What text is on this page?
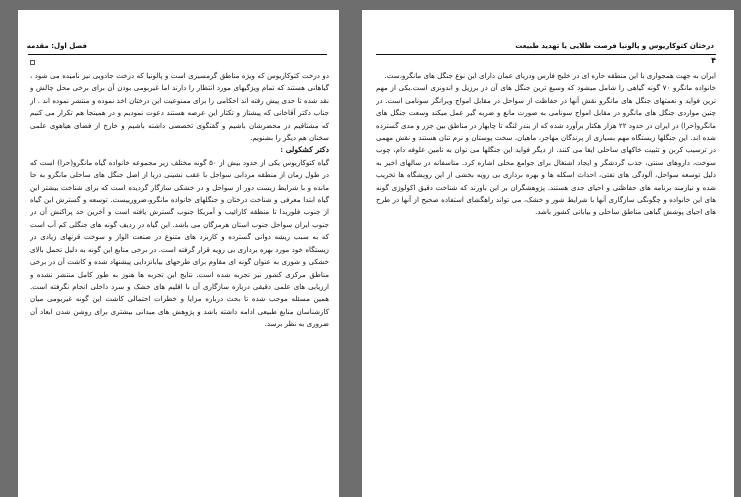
فصل اول: مقدمه

دو درخت کتوکاریوس که ویژه مناطق گرمسیری است و پالونیا که درخت جادویی نیز نامیده می شود ، گیاهانی هستند که تمام ویژگیهای مورد انتظار را دارند اما غیربومی بودن آن برای برخی محل چالش و نقد شده تا حدی پیش رفته اند احکامی را برای ممنوعیت این درختان اخذ نموده و منتشر نموده اند . از جناب دکتر آقاخانی که پیشتاز و تکثار این عرصه هستند دعوت نمودیم و در همینجا هم تکرار می کنیم که مشتاقیم در محضرشان باشیم و گفتگوی تخصصی داشته باشیم و خارج از فضای هیاهوی علمی سخنان هم دیگر را بشنویم.

دکتر کشکولی :

گیاه کتوکاریوس یکی از حدود بیش از ۵۰ گونه مختلف زیر مجموعه خانواده گیاه مانگرو(حرا) است که در طول زمان از منطقه مردابی سواحل با عقب نشینی دریا از اصل جنگل های ساحلی مانگرو به جا مانده و با شرایط زیست دور از سواحل و در خشکی سازگار گردیده است که برای شناخت بیشتر این گیاه ابتدا معرفی و شناخت درختان و جنگلهای خانواده مانگرو،ضرورییست. توسعه و گسترش این گیاه از جنوب فلوریدا تا منطقه کارائیب و آمریکا جنوب گسترش یافته است و آخرین حد پراکنش آن در جنوب ایران سواحل جنوب استان هرمزگان می باشد. این گیاه در ردیف گونه های جنگلی کم آب است که به سبب ریشه دوانی گسترده و کاربرد های متنوع در صنعت الوار و سوخت قرنهای زیادی در زیستگاه خود مورد بهره برداری بی رویه قرار گرفته است. در برخی منابع این گونه به دلیل تحمل بالای خشکی و شوری به عنوان گونه ای مقاوم برای طرحهای بیابانزدایی پیشنهاد شده و کاشت آن در برخی مناطق مرکزی کشور نیز تجربه شده است. نتایج این تجربه ها هنوز به طور کامل منتشر نشده و ارزیابی های علمی دقیقی درباره سازگاری آن با اقلیم های خشک و سرد داخلی انجام نگرفته است. همین مسئله موجب شده تا بحث درباره مزایا و خطرات احتمالی کاشت این گونه غیربومی میان کارشناسان منابع طبیعی ادامه داشته باشد و پژوهش های میدانی بیشتری برای روشن شدن ابعاد آن ضروری به نظر برسد.

درختان کتوکاریوس و پالونیا فرصت طلایی یا تهدید طبیعت
۴

ایران به جهت همجواری با این منطقه حاره ای در خلیج فارس ودریای عمان دارای این نوع جنگل های مانگرو،ست.

خانواده مانگرو ۷۰ گونه گیاهی را شامل میشود که وسیع ترین جنگل های آن در برزیل و اندونزی است.یکی از مهم ترین فواید و نعمتهای جنگل های مانگرو نقش آنها در حفاظت از سواحل در مقابل امواج ویرانگر سونامی است. در چنین مواردی جنگل های مانگرو در مقابل امواج سونامی به صورت مانع و ضربه گیر عمل میکند وسعت جنگل های مانگرو(حرا) در ایران در حدود ۲۲ هزار هکتار برآورد شده که از بندر لنگه تا چابهار در مناطق بین جزر و مدی گسترده شده اند. این جنگلها زیستگاه مهم بسیاری از پرندگان مهاجر، ماهیان، سخت پوستان و نرم تنان هستند و نقش مهمی در ترسیب کربن و تثبیت خاکهای ساحلی ایفا می کنند. از دیگر فواید این جنگلها می توان به تامین علوفه دام، چوب سوخت، داروهای سنتی، جذب گردشگر و ایجاد اشتغال برای جوامع محلی اشاره کرد. متاسفانه در سالهای اخیر به دلیل توسعه سواحل، آلودگی های نفتی، احداث اسکله ها و بهره برداری بی رویه بخشی از این رویشگاه ها تخریب شده و نیازمند برنامه های حفاظتی و احیای جدی هستند. پژوهشگران بر این باورند که شناخت دقیق اکولوژی گونه های این خانواده و چگونگی سازگاری آنها با شرایط شور و خشک، می تواند راهگشای استفاده صحیح از آنها در طرح های احیای پوشش گیاهی مناطق ساحلی و بیابانی کشور باشد.
